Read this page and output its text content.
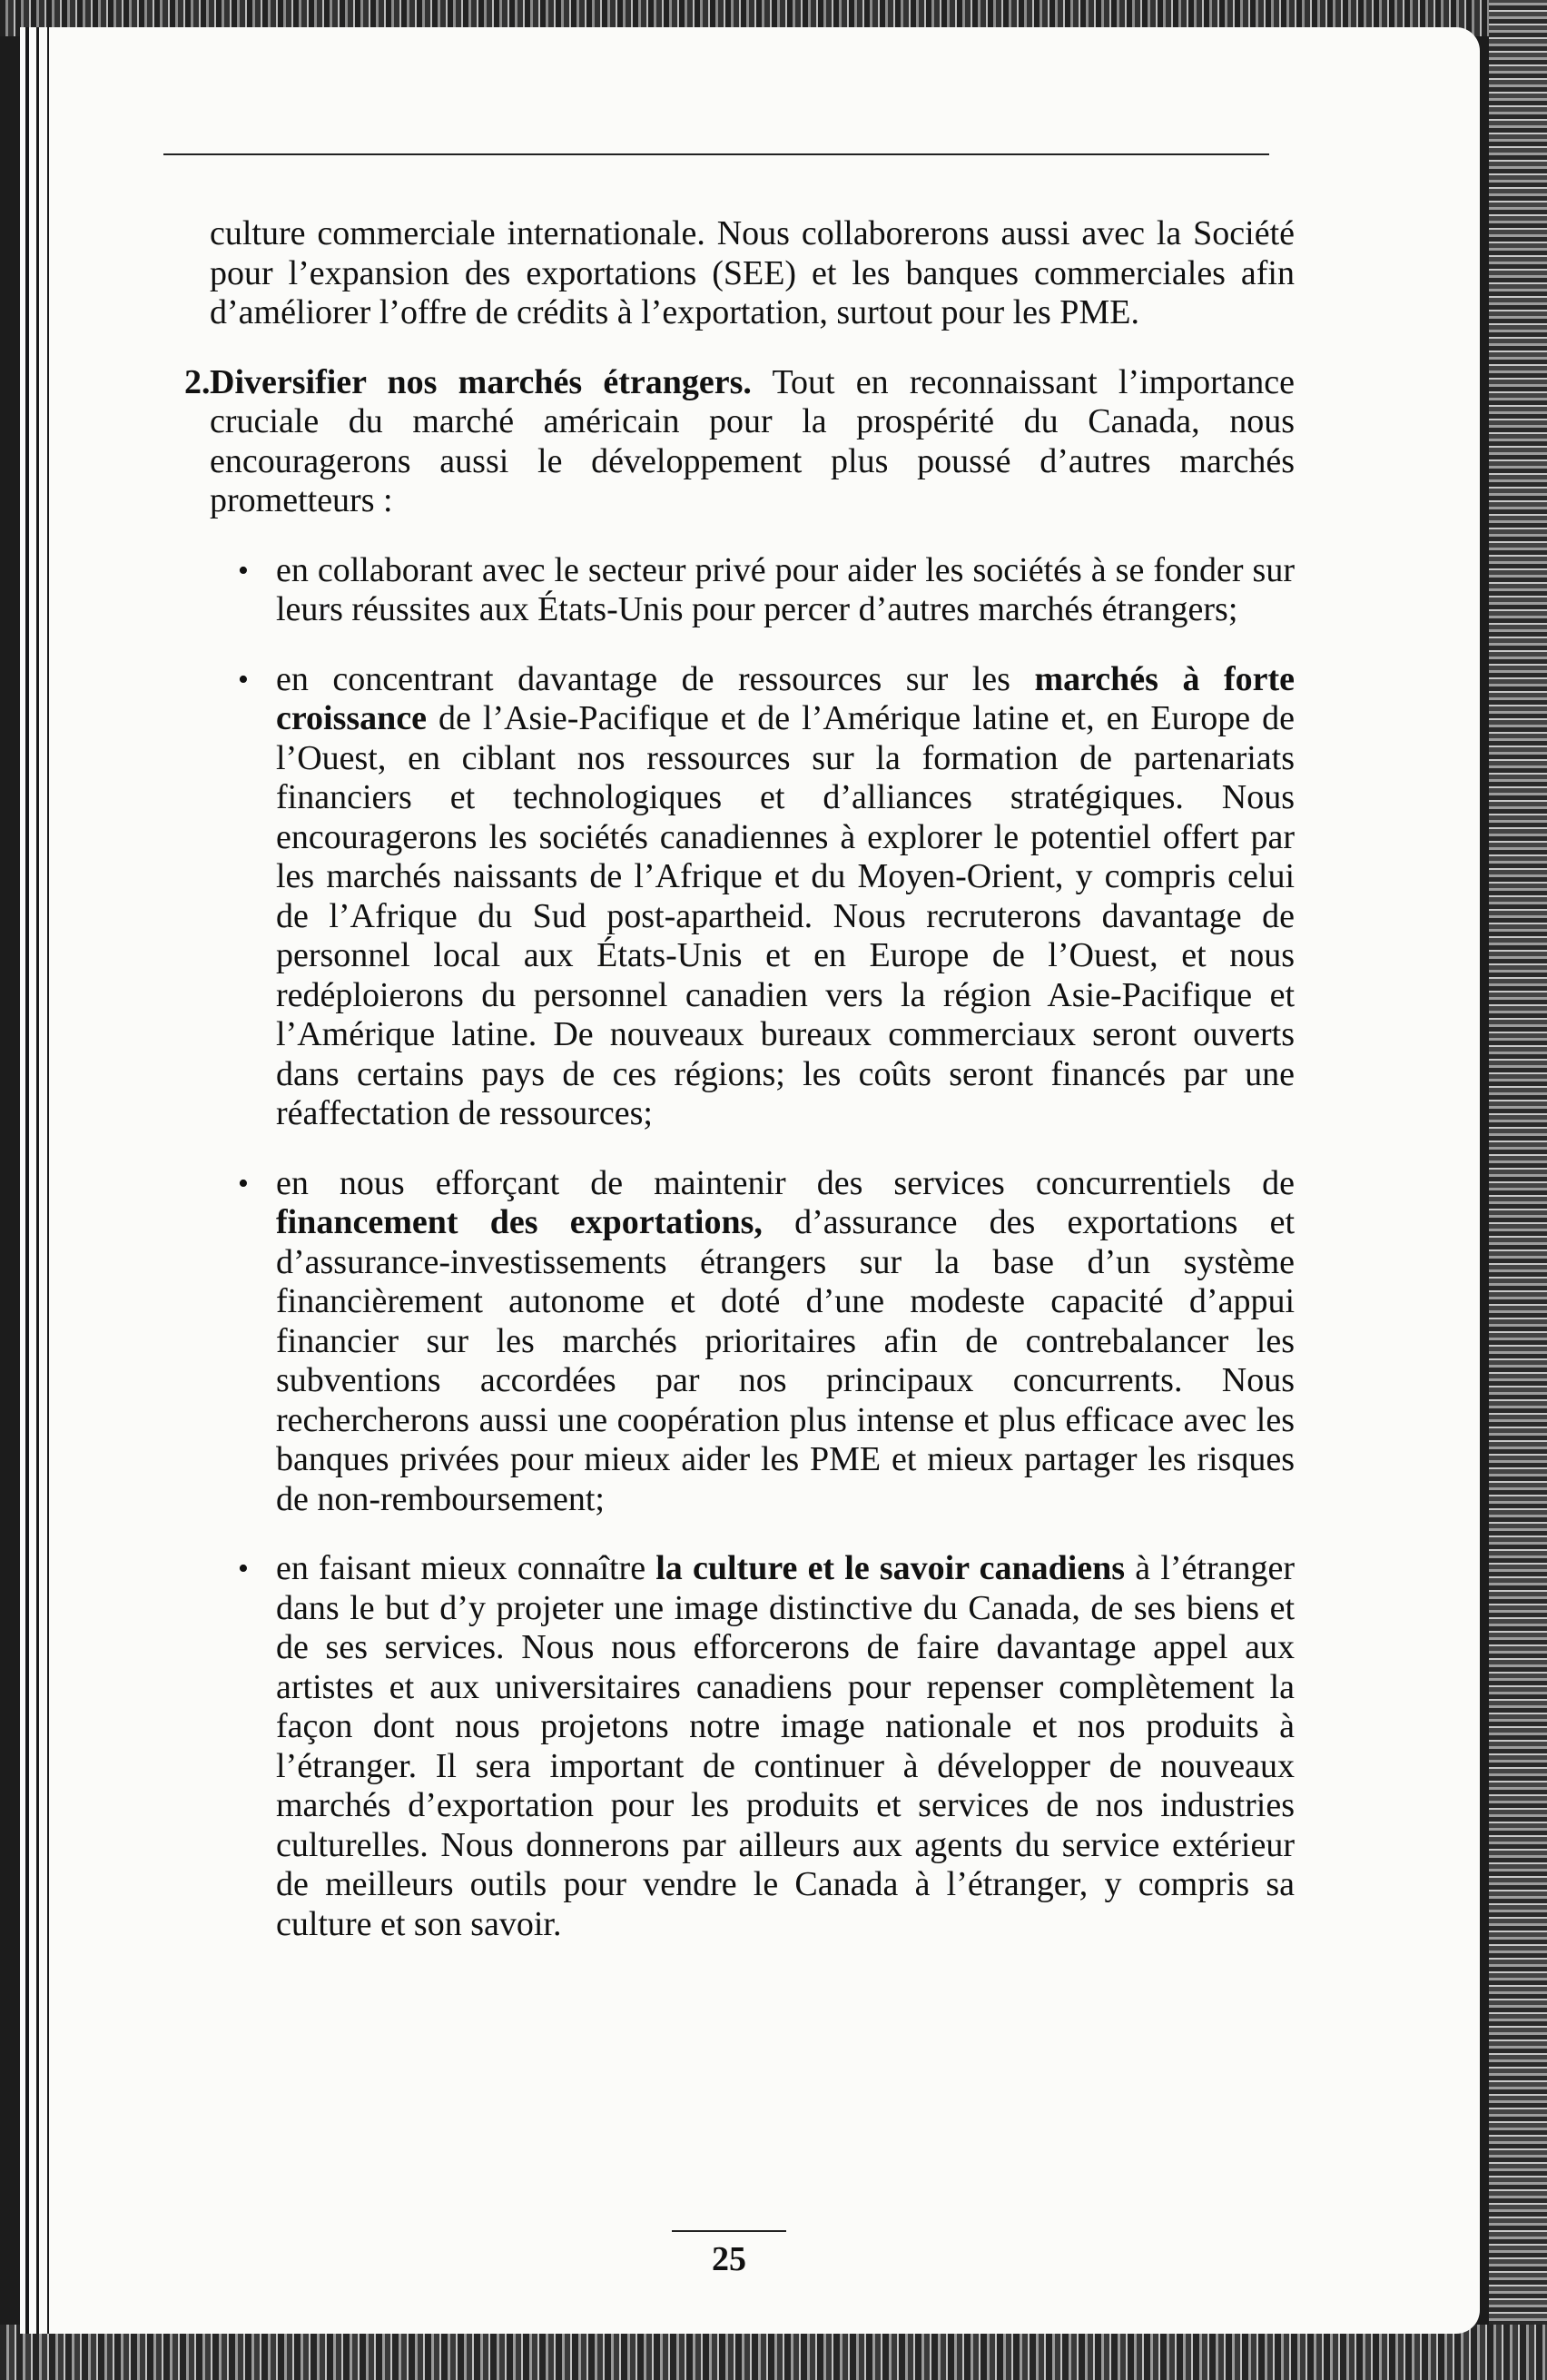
culture commerciale internationale. Nous collaborerons aussi avec la Société pour l’expansion des exportations (SEE) et les banques commerciales afin d’améliorer l’offre de crédits à l’exportation, surtout pour les PME.

2. Diversifier nos marchés étrangers. Tout en reconnaissant l’importance cruciale du marché américain pour la prospérité du Canada, nous encouragerons aussi le développement plus poussé d’autres marchés prometteurs :
• en collaborant avec le secteur privé pour aider les sociétés à se fonder sur leurs réussites aux États-Unis pour percer d’autres marchés étrangers;
• en concentrant davantage de ressources sur les marchés à forte croissance de l’Asie-Pacifique et de l’Amérique latine et, en Europe de l’Ouest, en ciblant nos ressources sur la formation de partenariats financiers et technologiques et d’alliances stratégiques. Nous encouragerons les sociétés canadiennes à explorer le potentiel offert par les marchés naissants de l’Afrique et du Moyen-Orient, y compris celui de l’Afrique du Sud post-apartheid. Nous recruterons davantage de personnel local aux États-Unis et en Europe de l’Ouest, et nous redéploierons du personnel canadien vers la région Asie-Pacifique et l’Amérique latine. De nouveaux bureaux commerciaux seront ouverts dans certains pays de ces régions; les coûts seront financés par une réaffectation de ressources;
• en nous efforçant de maintenir des services concurrentiels de financement des exportations, d’assurance des exportations et d’assurance-investissements étrangers sur la base d’un système financièrement autonome et doté d’une modeste capacité d’appui financier sur les marchés prioritaires afin de contrebalancer les subventions accordées par nos principaux concurrents. Nous rechercherons aussi une coopération plus intense et plus efficace avec les banques privées pour mieux aider les PME et mieux partager les risques de non-remboursement;
• en faisant mieux connaître la culture et le savoir canadiens à l’étranger dans le but d’y projeter une image distinctive du Canada, de ses biens et de ses services. Nous nous efforcerons de faire davantage appel aux artistes et aux universitaires canadiens pour repenser complètement la façon dont nous projetons notre image nationale et nos produits à l’étranger. Il sera important de continuer à développer de nouveaux marchés d’exportation pour les produits et services de nos industries culturelles. Nous donnerons par ailleurs aux agents du service extérieur de meilleurs outils pour vendre le Canada à l’étranger, y compris sa culture et son savoir.
25
